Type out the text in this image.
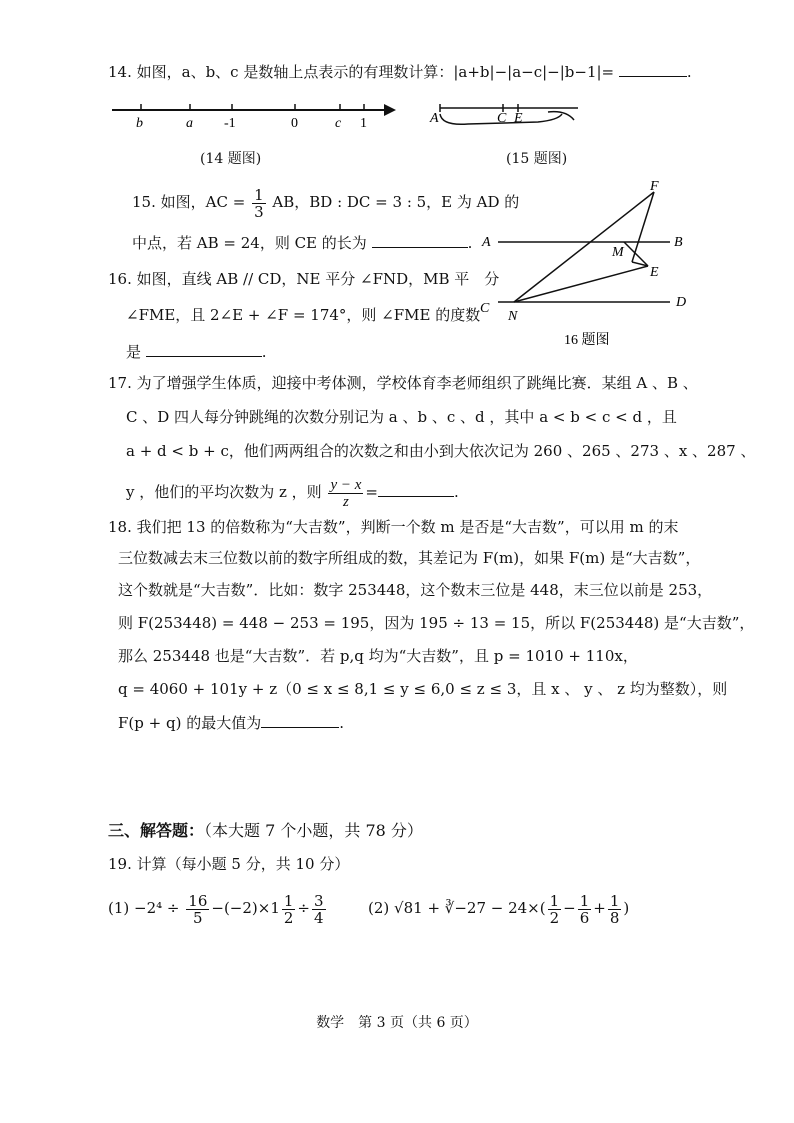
14. 如图，a、b、c 是数轴上点表示的有理数计算：|a+b|−|a−c|−|b−1|=	.
b	a -1	0	c 1	A	C E
(14 题图)	(15 题图)
15. 如图，AC = $\frac{1}{3}$ AB，BD : DC = 3 : 5，E 为 AD 的
中点，若 AB = 24，则 CE 的长为	.
F
A
M
B
E
C
N
D
16 题图
16. 如图，直线 AB // CD，NE 平分 ∠FND，MB 平　分
∠FME，且 2∠E + ∠F = 174°，则 ∠FME 的度数
是	.
17. 为了增强学生体质，迎接中考体测，学校体育李老师组织了跳绳比赛．某组 A 、B 、
C 、D 四人每分钟跳绳的次数分别记为 a 、b 、c 、d ，其中 a < b < c < d ，且
a + d < b + c，他们两两组合的次数之和由小到大依次记为 260 、265 、273 、x 、287 、
y ，他们的平均次数为 z ，则 $\frac{y - x}{z}$ =	.
18. 我们把 13 的倍数称为“大吉数”，判断一个数 m 是否是“大吉数”，可以用 m 的末
三位数减去末三位数以前的数字所组成的数，其差记为 F(m)，如果 F(m) 是“大吉数”，
这个数就是“大吉数”．比如：数字 253448，这个数末三位是 448，末三位以前是 253，
则 F(253448) = 448 − 253 = 195，因为 195 ÷ 13 = 15，所以 F(253448) 是“大吉数”，
那么 253448 也是“大吉数”．若 p,q 均为“大吉数”，且 p = 1010 + 110x，
q = 4060 + 101y + z（0 ≤ x ≤ 8,1 ≤ y ≤ 6,0 ≤ z ≤ 3，且 x 、 y 、 z 均为整数），则
F(p + q) 的最大值为	.
三、解答题：（本大题 7 个小题，共 78 分）
19. 计算（每小题 5 分，共 10 分）
$(1) -2^4 \div \frac{16}{5} -(-2)\times 1 \frac{1}{2} \div \frac{3}{4}$	(2) √81 + ∛−27 − $24\times( \frac{1}{2} - \frac{1}{6} + \frac{1}{8}$ )
数学　第 3 页（共 6 页）
